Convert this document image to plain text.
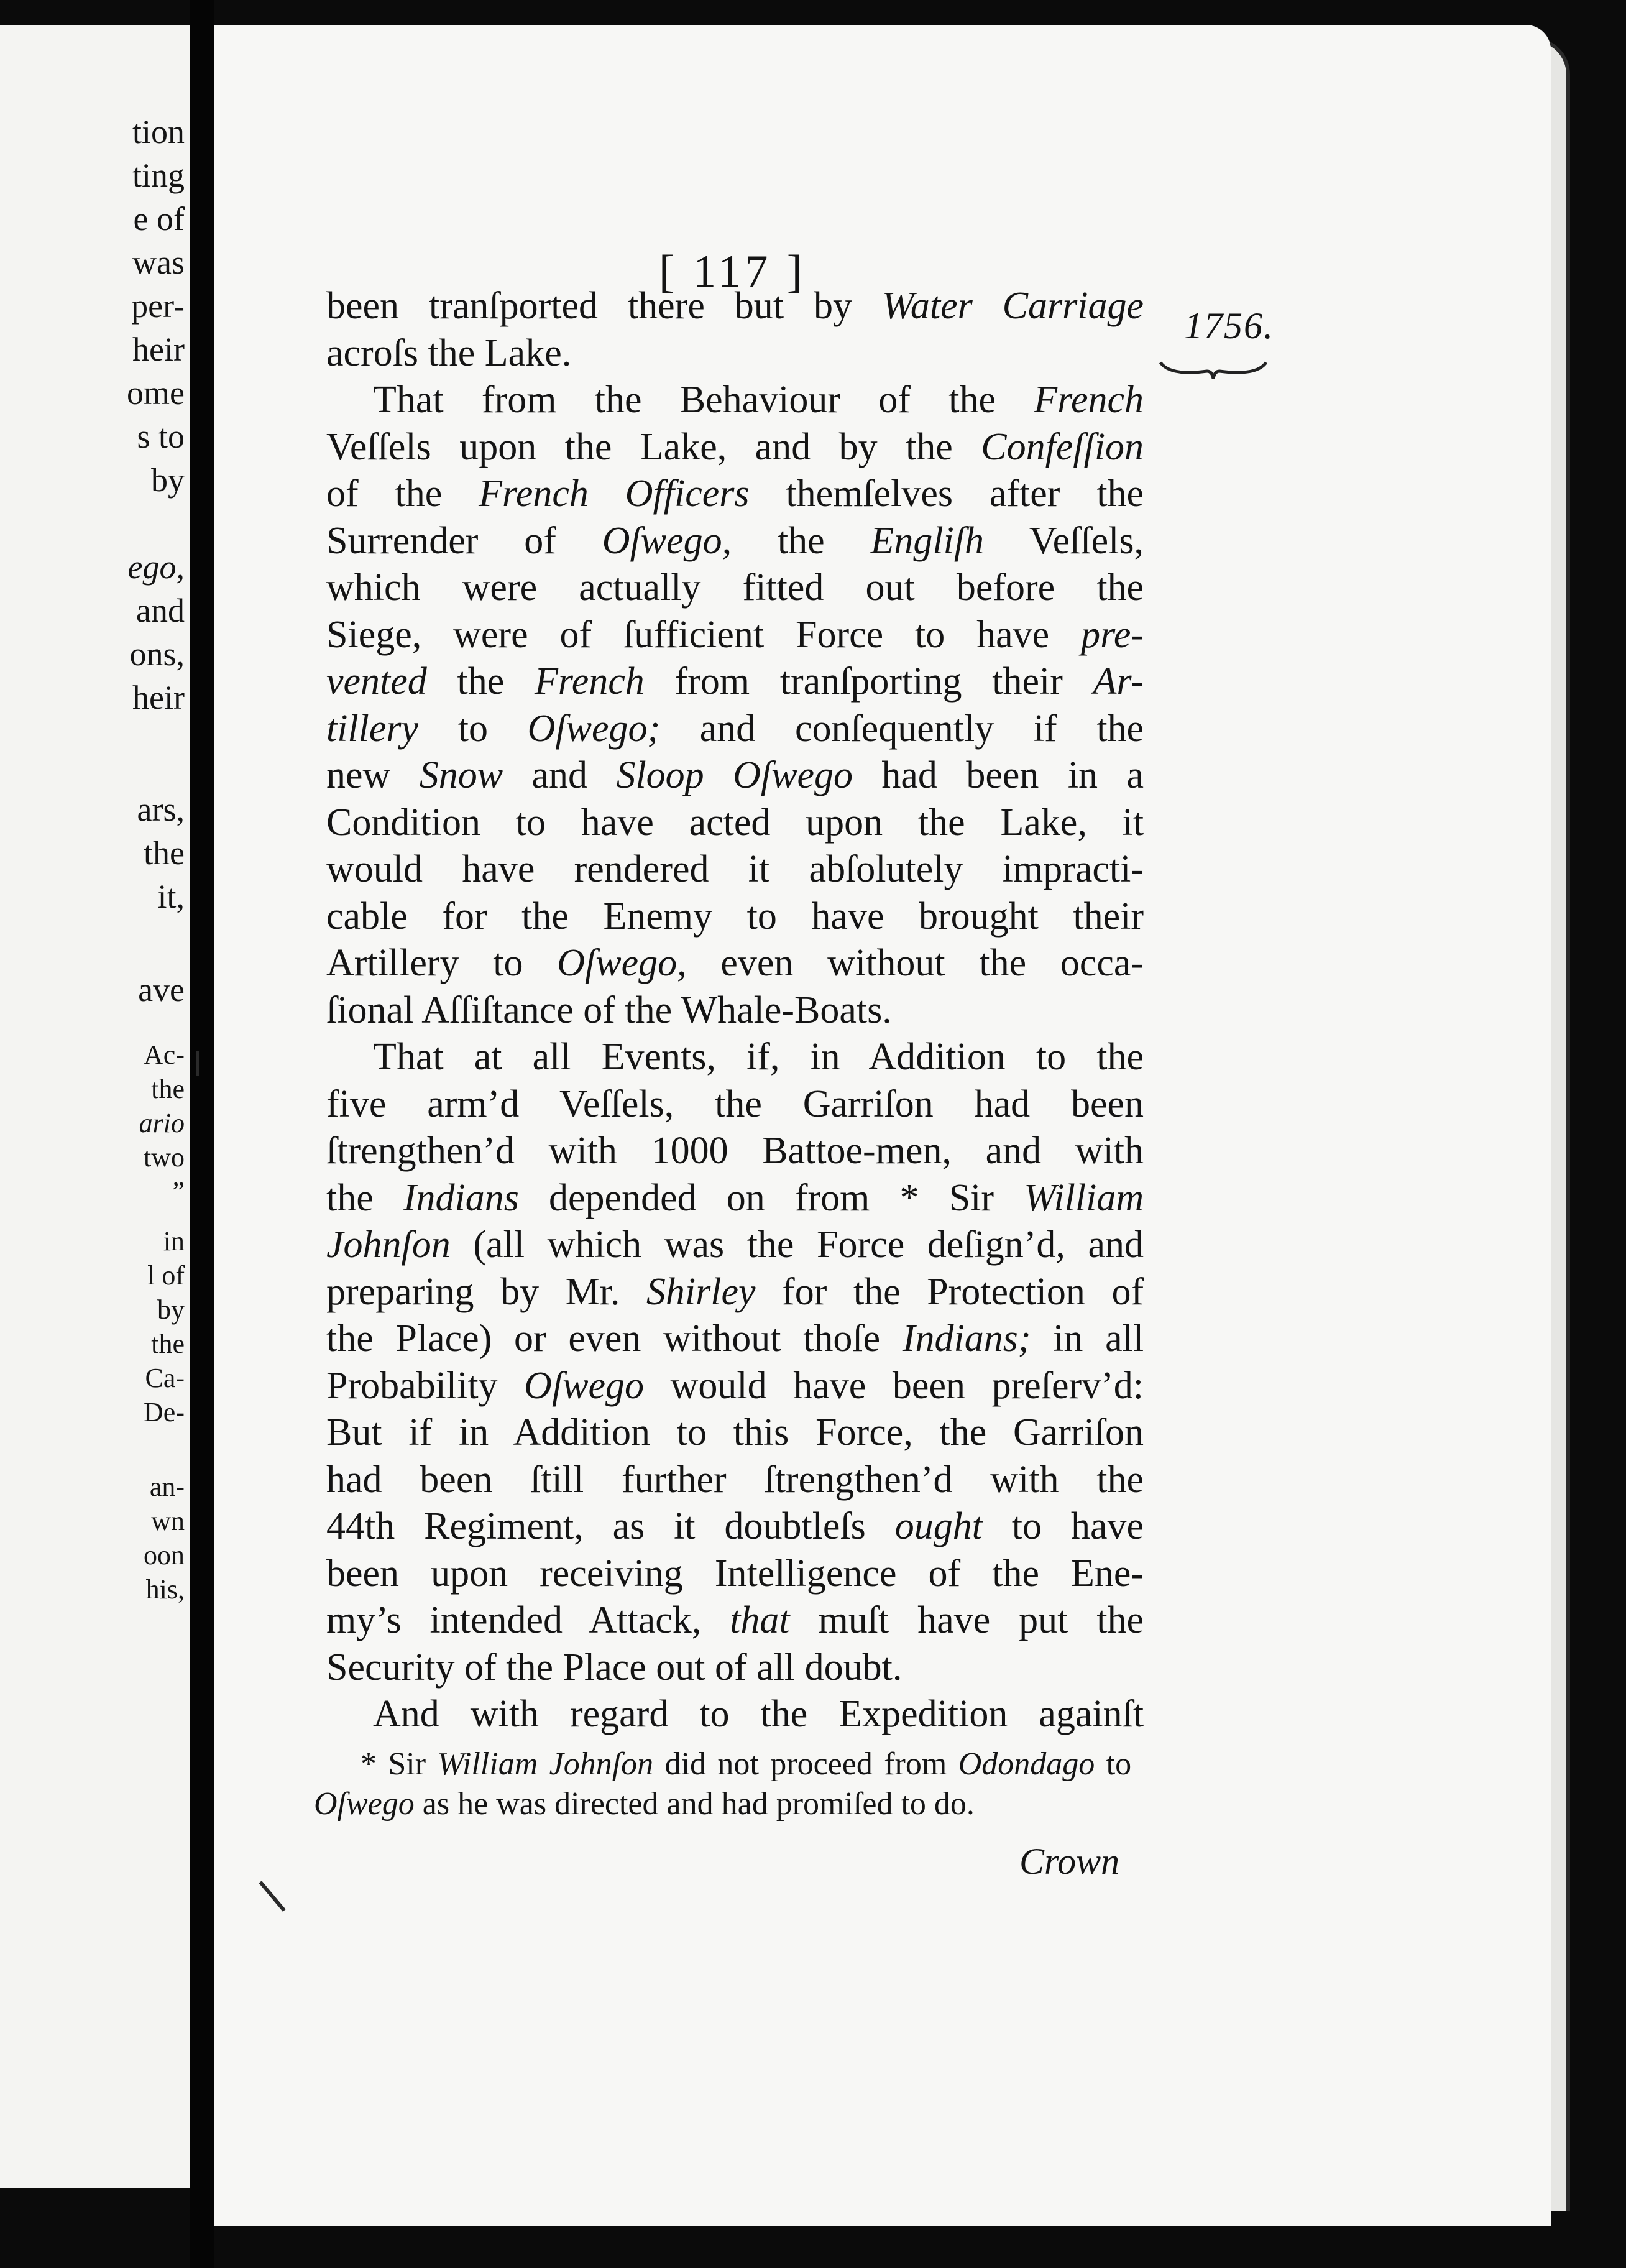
tion
ting
e of
was
per-
heir
ome
s to
by
ego,
and
ons,
heir
ars,
the
it,
ave
Ac-
the
ario
two
”
in
l of
by
the
Ca-
De-
an-
wn
oon
his,
[ 117 ]
1756.
been tranſported there but by Water Carriage
acroſs the Lake.
That from the Behaviour of the French
Veſſels upon the Lake, and by the Confeſſion
of the French Officers themſelves after the
Surrender of Oſwego, the Engliſh Veſſels,
which were actually fitted out before the
Siege, were of ſufficient Force to have pre-
vented the French from tranſporting their Ar-
tillery to Oſwego; and conſequently if the
new Snow and Sloop Oſwego had been in a
Condition to have acted upon the Lake, it
would have rendered it abſolutely impracti-
cable for the Enemy to have brought their
Artillery to Oſwego, even without the occa-
ſional Aſſiſtance of the Whale-Boats.
That at all Events, if, in Addition to the
five arm’d Veſſels, the Garriſon had been
ſtrengthen’d with 1000 Battoe-men, and with
the Indians depended on from * Sir William
Johnſon (all which was the Force deſign’d, and
preparing by Mr. Shirley for the Protection of
the Place) or even without thoſe Indians; in all
Probability Oſwego would have been preſerv’d:
But if in Addition to this Force, the Garriſon
had been ſtill further ſtrengthen’d with the
44th Regiment, as it doubtleſs ought to have
been upon receiving Intelligence of the Ene-
my’s intended Attack, that muſt have put the
Security of the Place out of all doubt.
And with regard to the Expedition againſt
* Sir William Johnſon did not proceed from Odondago to
Oſwego as he was directed and had promiſed to do.
Crown
